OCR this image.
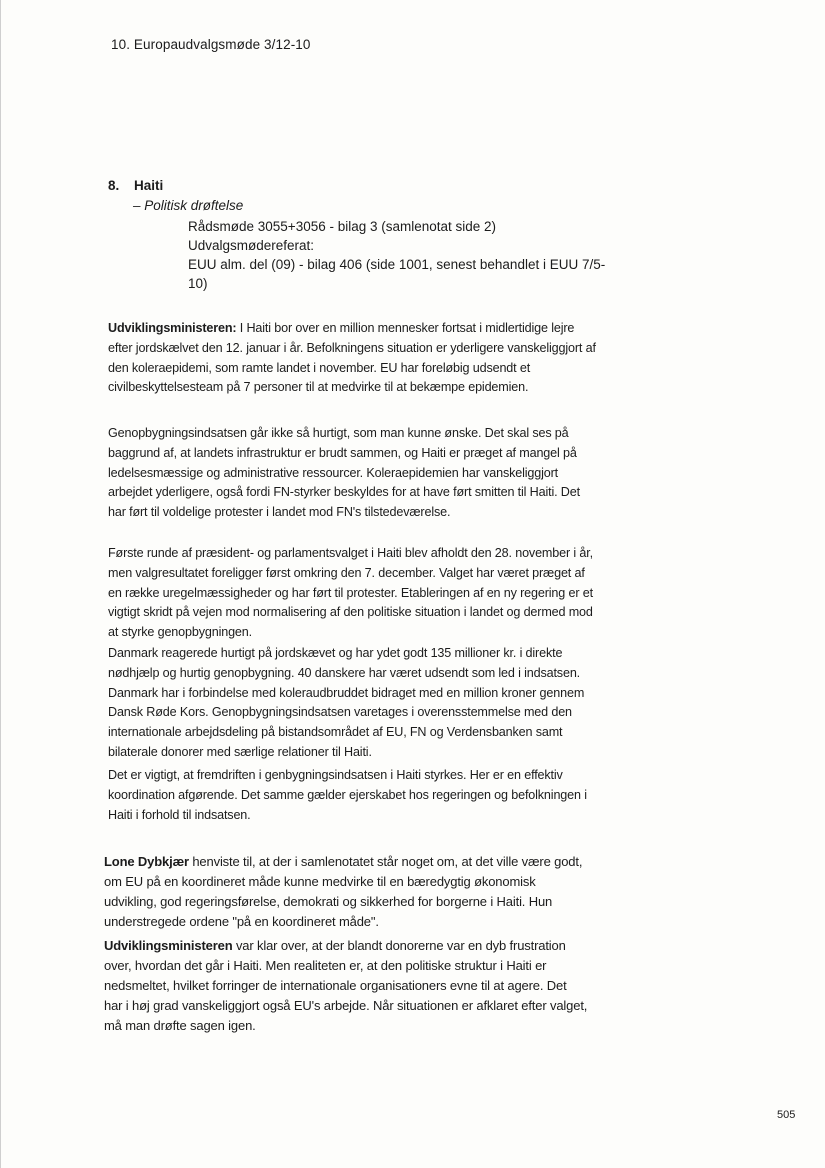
10. Europaudvalgsmøde 3/12-10
8. Haiti
– Politisk drøftelse
Rådsmøde 3055+3056 - bilag 3 (samlenotat side 2)
Udvalgsmødereferat:
EUU alm. del (09) - bilag 406 (side 1001, senest behandlet i EUU 7/5-10)
Udviklingsministeren: I Haiti bor over en million mennesker fortsat i midlertidige lejre efter jordskælvet den 12. januar i år. Befolkningens situation er yderligere vanskeliggjort af den koleraepidemi, som ramte landet i november. EU har foreløbig udsendt et civilbeskyttelsesteam på 7 personer til at medvirke til at bekæmpe epidemien.
Genopbygningsindsatsen går ikke så hurtigt, som man kunne ønske. Det skal ses på baggrund af, at landets infrastruktur er brudt sammen, og Haiti er præget af mangel på ledelsesmæssige og administrative ressourcer. Koleraepidemien har vanskeliggjort arbejdet yderligere, også fordi FN-styrker beskyldes for at have ført smitten til Haiti. Det har ført til voldelige protester i landet mod FN's tilstedeværelse.
Første runde af præsident- og parlamentsvalget i Haiti blev afholdt den 28. november i år, men valgresultatet foreligger først omkring den 7. december. Valget har været præget af en række uregelmæssigheder og har ført til protester. Etableringen af en ny regering er et vigtigt skridt på vejen mod normalisering af den politiske situation i landet og dermed mod at styrke genopbygningen.
Danmark reagerede hurtigt på jordskævet og har ydet godt 135 millioner kr. i direkte nødhjælp og hurtig genopbygning. 40 danskere har været udsendt som led i indsatsen. Danmark har i forbindelse med koleraudbruddet bidraget med en million kroner gennem Dansk Røde Kors. Genopbygningsindsatsen varetages i overensstemmelse med den internationale arbejdsdeling på bistandsområdet af EU, FN og Verdensbanken samt bilaterale donorer med særlige relationer til Haiti.
Det er vigtigt, at fremdriften i genbygningsindsatsen i Haiti styrkes. Her er en effektiv koordination afgørende. Det samme gælder ejerskabet hos regeringen og befolkningen i Haiti i forhold til indsatsen.
Lone Dybkjær henviste til, at der i samlenotatet står noget om, at det ville være godt, om EU på en koordineret måde kunne medvirke til en bæredygtig økonomisk udvikling, god regeringsførelse, demokrati og sikkerhed for borgerne i Haiti. Hun understregede ordene "på en koordineret måde".
Udviklingsministeren var klar over, at der blandt donorerne var en dyb frustration over, hvordan det går i Haiti. Men realiteten er, at den politiske struktur i Haiti er nedsmeltet, hvilket forringer de internationale organisationers evne til at agere. Det har i høj grad vanskeliggjort også EU's arbejde. Når situationen er afklaret efter valget, må man drøfte sagen igen.
505
